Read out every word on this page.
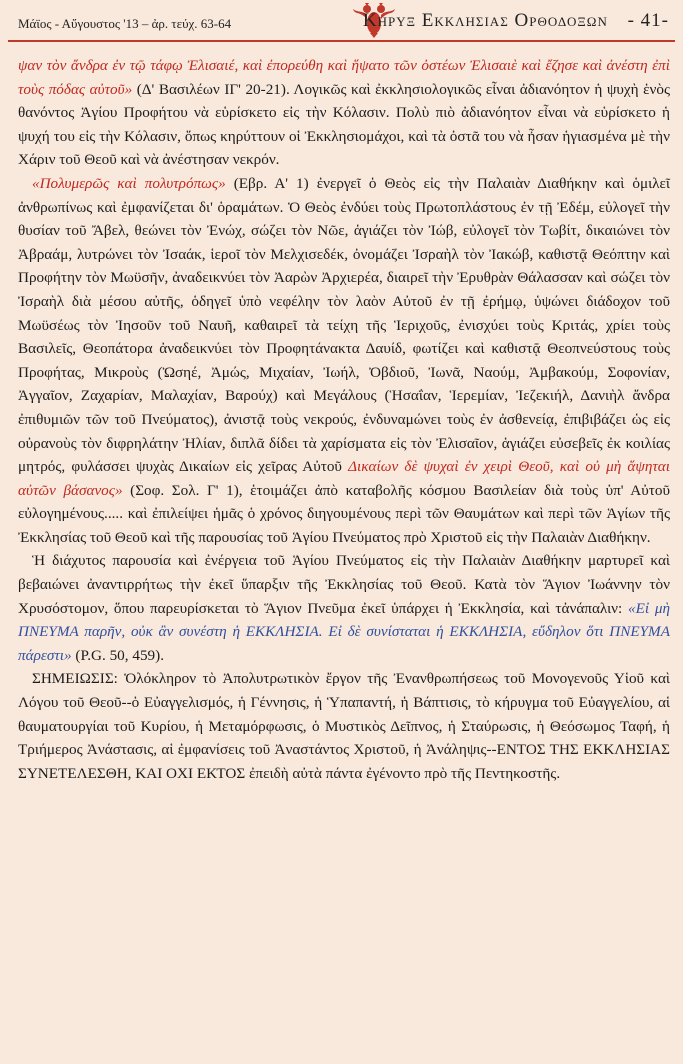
Μάϊος - Αὔγουστος '13 – ἀρ. τεύχ. 63-64	Κηρυξ Εκκλησιας Ορθοδοξων - 41-

ψαν τὸν ἄνδρα ἐν τῷ τάφῳ Ἐλισαιέ, καὶ ἐπορεύθη καὶ ἥψατο τῶν ὀστέων Ἐλισαιὲ καὶ ἔζησε καὶ ἀνέστη ἐπὶ τοὺς πόδας αὐτοῦ» (Δ' Βασιλέων ΙΓ' 20-21). Λογικῶς καὶ ἐκκλησιολογικῶς εἶναι ἀδιανόητον ἡ ψυχὴ ἑνὸς θανόντος Ἁγίου Προφήτου νὰ εὑρίσκετο εἰς τὴν Κόλασιν. Πολὺ πιὸ ἀδιανόητον εἶναι νὰ εὑρίσκετο ἡ ψυχή του εἰς τὴν Κόλασιν, ὅπως κηρύττουν οἱ Ἐκκλησιομάχοι, καὶ τὰ ὀστᾶ του νὰ ἦσαν ἡγιασμένα μὲ τὴν Χάριν τοῦ Θεοῦ καὶ νὰ ἀνέστησαν νεκρόν.

«Πολυμερῶς καὶ πολυτρόπως» (Εβρ. Α' 1) ἐνεργεῖ ὁ Θεὸς εἰς τὴν Παλαιὰν Διαθήκην καὶ ὁμιλεῖ ἀνθρωπίνως καὶ ἐμφανίζεται δι' ὁραμάτων. Ὁ Θεὸς ἐνδύει τοὺς Πρωτοπλάστους ἐν τῇ Ἐδέμ, εὐλογεῖ τὴν θυσίαν τοῦ Ἄβελ, θεώνει τὸν Ἐνώχ, σώζει τὸν Νῶε, ἁγιάζει τὸν Ἰώβ, εὐλογεῖ τὸν Τωβίτ, δικαιώνει τὸν Ἀβραάμ, λυτρώνει τὸν Ἰσαάκ, ἱεροῖ τὸν Μελχισεδέκ, ὀνομάζει Ἰσραὴλ τὸν Ἰακώβ, καθιστᾷ Θεόπτην καὶ Προφήτην τὸν Μωϋσῆν, ἀναδεικνύει τὸν Ἀαρὼν Ἀρχιερέα, διαιρεῖ τὴν Ἐρυθρὰν Θάλασσαν καὶ σώζει τὸν Ἰσραὴλ διὰ μέσου αὐτῆς, ὁδηγεῖ ὑπὸ νεφέλην τὸν λαὸν Αὐτοῦ ἐν τῇ ἐρήμῳ, ὑψώνει διάδοχον τοῦ Μωϋσέως τὸν Ἰησοῦν τοῦ Ναυῆ, καθαιρεῖ τὰ τείχη τῆς Ἱεριχοῦς, ἐνισχύει τοὺς Κριτάς, χρίει τοὺς Βασιλεῖς, Θεοπάτορα ἀναδεικνύει τὸν Προφητάνακτα Δαυίδ, φωτίζει καὶ καθιστᾷ Θεοπνεύστους τοὺς Προφήτας, Μικροὺς (Ὠσηέ, Ἀμώς, Μιχαίαν, Ἰωήλ, Ὀβδιοῦ, Ἰωνᾶ, Ναούμ, Ἀμβακούμ, Σοφονίαν, Ἀγγαῖον, Ζαχαρίαν, Μαλαχίαν, Βαρούχ) καὶ Μεγάλους (Ἡσαΐαν, Ἱερεμίαν, Ἰεζεκιήλ, Δανιὴλ ἄνδρα ἐπιθυμιῶν τῶν τοῦ Πνεύματος), ἀνιστᾷ τοὺς νεκρούς, ἐνδυναμώνει τοὺς ἐν ἀσθενείᾳ, ἐπιβιβάζει ὡς εἰς οὐρανοὺς τὸν διφρηλάτην Ἠλίαν, διπλᾶ δίδει τὰ χαρίσματα εἰς τὸν Ἐλισαῖον, ἁγιάζει εὐσεβεῖς ἐκ κοιλίας μητρός, φυλάσσει ψυχὰς Δικαίων εἰς χεῖρας Αὐτοῦ Δικαίων δὲ ψυχαὶ ἐν χειρὶ Θεοῦ, καὶ οὐ μὴ ἅψηται αὐτῶν βάσανος» (Σοφ. Σολ. Γ' 1), ἑτοιμάζει ἀπὸ καταβολῆς κόσμου Βασιλείαν διὰ τοὺς ὑπ' Αὐτοῦ εὐλογημένους..... καὶ ἐπιλείψει ἡμᾶς ὁ χρόνος διηγουμένους περὶ τῶν Θαυμάτων καὶ περὶ τῶν Ἁγίων τῆς Ἐκκλησίας τοῦ Θεοῦ καὶ τῆς παρουσίας τοῦ Ἁγίου Πνεύματος πρὸ Χριστοῦ εἰς τὴν Παλαιὰν Διαθήκην.

Ἡ διάχυτος παρουσία καὶ ἐνέργεια τοῦ Ἁγίου Πνεύματος εἰς τὴν Παλαιὰν Διαθήκην μαρτυρεῖ καὶ βεβαιώνει ἀναντιρρήτως τὴν ἐκεῖ ὕπαρξιν τῆς Ἐκκλησίας τοῦ Θεοῦ. Κατὰ τὸν Ἅγιον Ἰωάννην τὸν Χρυσόστομον, ὅπου παρευρίσκεται τὸ Ἅγιον Πνεῦμα ἐκεῖ ὑπάρχει ἡ Ἐκκλησία, καὶ τἀνάπαλιν: «Εἰ μὴ ΠΝΕΥΜΑ παρῆν, οὐκ ἂν συνέστη ἡ ΕΚΚΛΗΣΙΑ. Εἰ δὲ συνίσταται ἡ ΕΚΚΛΗΣΙΑ, εὔδηλον ὅτι ΠΝΕΥΜΑ πάρεστι» (P.G. 50, 459).

ΣΗΜΕΙΩΣΙΣ: Ὁλόκληρον τὸ Ἀπολυτρωτικὸν ἔργον τῆς Ἐνανθρωπήσεως τοῦ Μονογενοῦς Υἱοῦ καὶ Λόγου τοῦ Θεοῦ--ὁ Εὐαγγελισμός, ἡ Γέννησις, ἡ Ὑπαπαντή, ἡ Βάπτισις, τὸ κήρυγμα τοῦ Εὐαγγελίου, αἱ θαυματουργίαι τοῦ Κυρίου, ἡ Μεταμόρφωσις, ὁ Μυστικὸς Δεῖπνος, ἡ Σταύρωσις, ἡ Θεόσωμος Ταφή, ἡ Τριήμερος Ἀνάστασις, αἱ ἐμφανίσεις τοῦ Ἀναστάντος Χριστοῦ, ἡ Ἀνάληψις--ΕΝΤΟΣ ΤΗΣ ΕΚΚΛΗΣΙΑΣ ΣΥΝΕΤΕΛΕΣΘΗ, ΚΑΙ ΟΧΙ ΕΚΤΟΣ ἐπειδὴ αὐτὰ πάντα ἐγένοντο πρὸ τῆς Πεντηκοστῆς.
